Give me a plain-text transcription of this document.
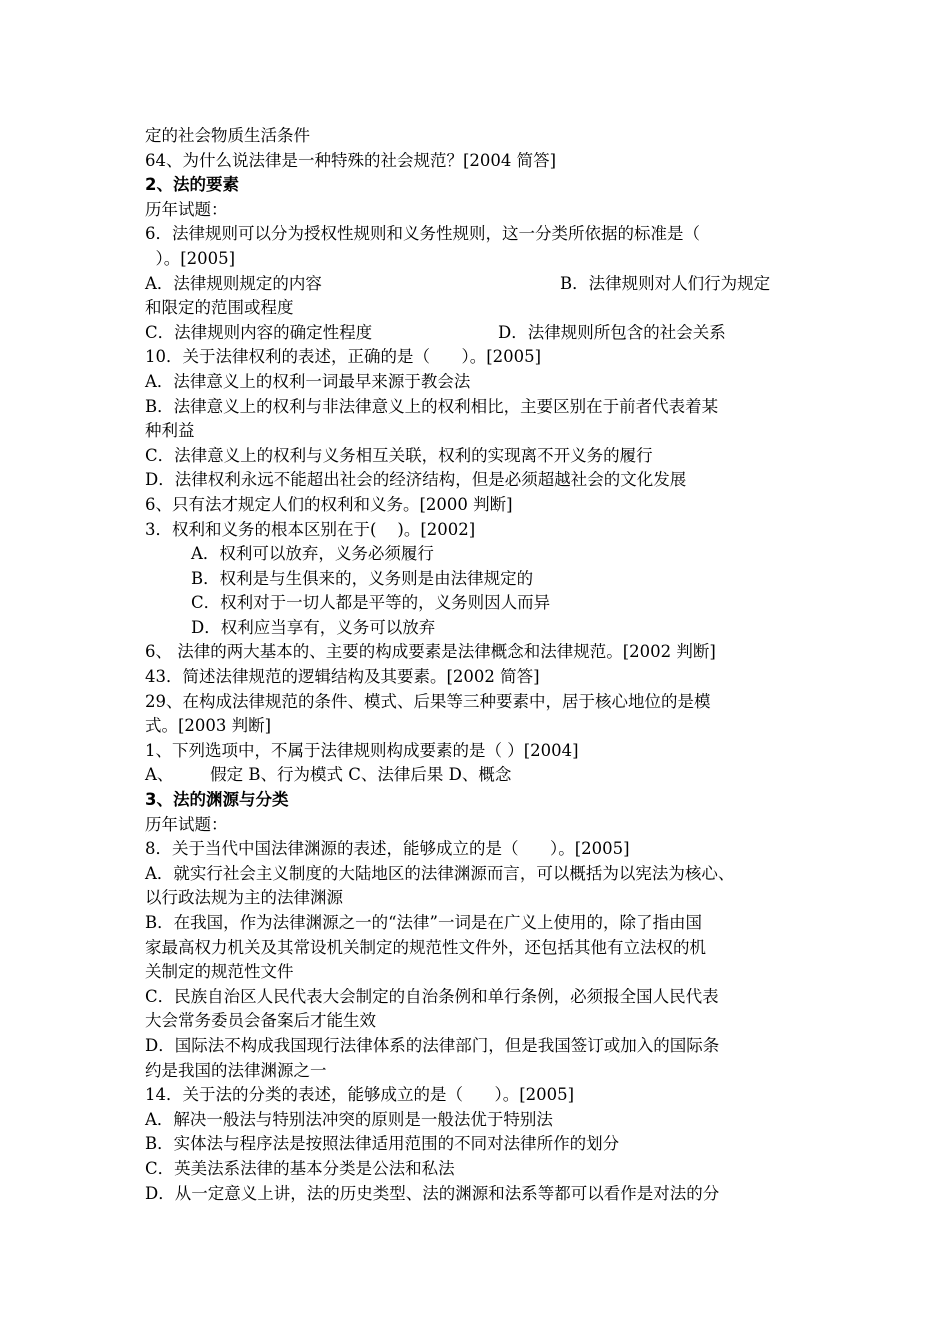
定的社会物质生活条件
64、为什么说法律是一种特殊的社会规范？[2004 简答]
2、法的要素
历年试题：
6．法律规则可以分为授权性规则和义务性规则，这一分类所依据的标准是（
）。[2005]
A．法律规则规定的内容	B．法律规则对人们行为规定
和限定的范围或程度
C．法律规则内容的确定性程度	D．法律规则所包含的社会关系
10．关于法律权利的表述，正确的是（      ）。[2005]
A．法律意义上的权利一词最早来源于教会法
B．法律意义上的权利与非法律意义上的权利相比，主要区别在于前者代表着某
种利益
C．法律意义上的权利与义务相互关联，权利的实现离不开义务的履行
D．法律权利永远不能超出社会的经济结构，但是必须超越社会的文化发展
6、只有法才规定人们的权利和义务。[2000 判断]
3．权利和义务的根本区别在于(    )。[2002]
A．权利可以放弃，义务必须履行
B．权利是与生俱来的，义务则是由法律规定的
C．权利对于一切人都是平等的，义务则因人而异
D．权利应当享有，义务可以放弃
6、 法律的两大基本的、主要的构成要素是法律概念和法律规范。[2002 判断]
43．简述法律规范的逻辑结构及其要素。[2002 简答]
29、在构成法律规范的条件、模式、后果等三种要素中，居于核心地位的是模
式。[2003 判断]
1、下列选项中，不属于法律规则构成要素的是（ ）[2004]
A、       假定 B、行为模式 C、法律后果 D、概念
3、法的渊源与分类
历年试题：
8．关于当代中国法律渊源的表述，能够成立的是（      ）。[2005]
A．就实行社会主义制度的大陆地区的法律渊源而言，可以概括为以宪法为核心、
以行政法规为主的法律渊源
B．在我国，作为法律渊源之一的“法律”一词是在广义上使用的，除了指由国
家最高权力机关及其常设机关制定的规范性文件外，还包括其他有立法权的机
关制定的规范性文件
C．民族自治区人民代表大会制定的自治条例和单行条例，必须报全国人民代表
大会常务委员会备案后才能生效
D．国际法不构成我国现行法律体系的法律部门，但是我国签订或加入的国际条
约是我国的法律渊源之一
14．关于法的分类的表述，能够成立的是（      ）。[2005]
A．解决一般法与特别法冲突的原则是一般法优于特别法
B．实体法与程序法是按照法律适用范围的不同对法律所作的划分
C．英美法系法律的基本分类是公法和私法
D．从一定意义上讲，法的历史类型、法的渊源和法系等都可以看作是对法的分
